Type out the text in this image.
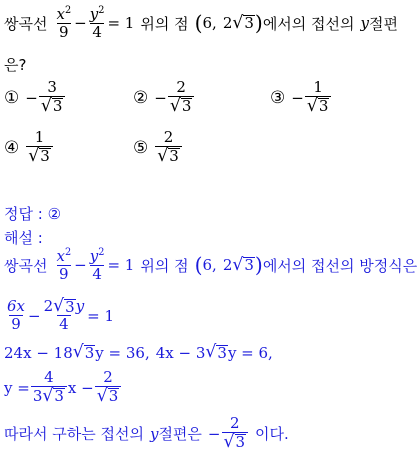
쌍곡선 $\frac{x^2}{9} - \frac{y^2}{4} = 1$ 위의 점 ( 6, 2 √ 3 ) 에서의 접선의 y 절편
은?
① − $\frac{3}{√ 3}$	② − $\frac{2}{√ 3}$	③ − $\frac{1}{√ 3}$
④ $\frac{1}{√ 3}$	⑤ $\frac{2}{√ 3}$
정답 : ②
해설 :
쌍곡선 $\frac{x^2}{9} - \frac{y^2}{4} = 1$ 위의 점 ( 6, 2 √ 3 ) 에서의 접선의 방정식은
$\frac{6x}{9} - \frac{2 √ 3 y}{4} = 1$
24x − 18 √ 3 y = 36, 4x − 3 √ 3 y = 6,
$y = \frac{4}{3 √ 3}$ $x - \frac{2}{√ 3}$
따라서 구하는 접선의 y 절편은 − $\frac{2}{√ 3}$ 이다.
